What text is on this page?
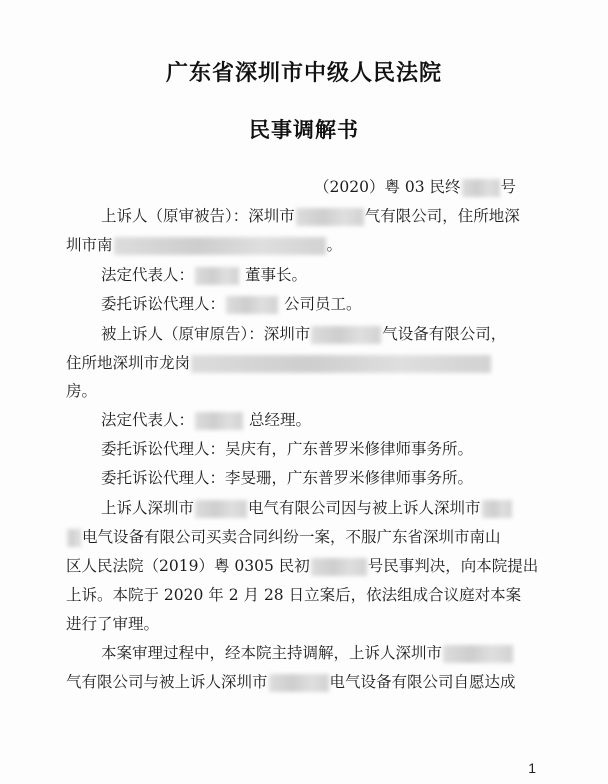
广东省深圳市中级人民法院
民事调解书
（2020）粤 03 民终	号
上诉人（原审被告）：深圳市	气有限公司，住所地深
圳市南	。
法定代表人：	董事长。
委托诉讼代理人：	公司员工。
被上诉人（原审原告）：深圳市	气设备有限公司，
住所地深圳市龙岗
房。
法定代表人：	总经理。
委托诉讼代理人：吴庆有，广东普罗米修律师事务所。
委托诉讼代理人：李旻珊，广东普罗米修律师事务所。
上诉人深圳市	电气有限公司因与被上诉人深圳市
电气设备有限公司买卖合同纠纷一案，不服广东省深圳市南山
区人民法院（2019）粤 0305 民初	号民事判决，向本院提出
上诉。本院于 2020 年 2 月 28 日立案后，依法组成合议庭对本案
进行了审理。
本案审理过程中，经本院主持调解，上诉人深圳市
气有限公司与被上诉人深圳市	电气设备有限公司自愿达成
1
